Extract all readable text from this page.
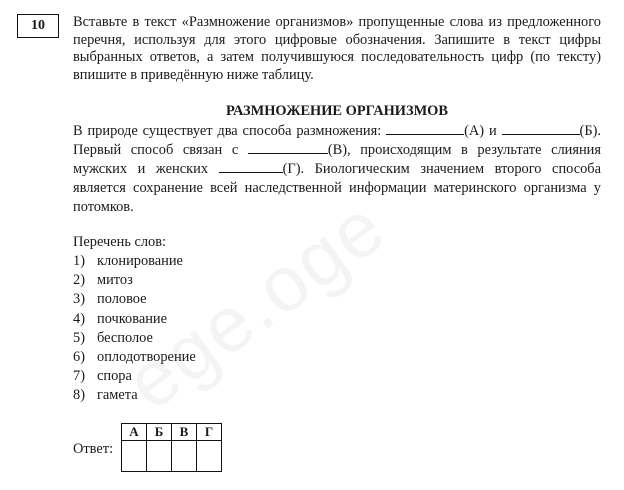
10	Вставьте в текст «Размножение организмов» пропущенные слова из предложенного перечня, используя для этого цифровые обозначения. Запишите в текст цифры выбранных ответов, а затем получившуюся последовательность цифр (по тексту) впишите в приведённую ниже таблицу.

РАЗМНОЖЕНИЕ ОРГАНИЗМОВ

В природе существует два способа размножения:	(А) и	(Б). Первый способ связан с	(В), происходящим в результате слияния мужских и женских	(Г). Биологическим значением второго способа является сохранение всей наследственной информации материнского организма у потомков.

Перечень слов:

1) клонирование
2) митоз
3) половое
4) почкование
5) бесполое
6) оплодотворение
7) спора
8) гамета
Ответ:
А	Б	В	Г
